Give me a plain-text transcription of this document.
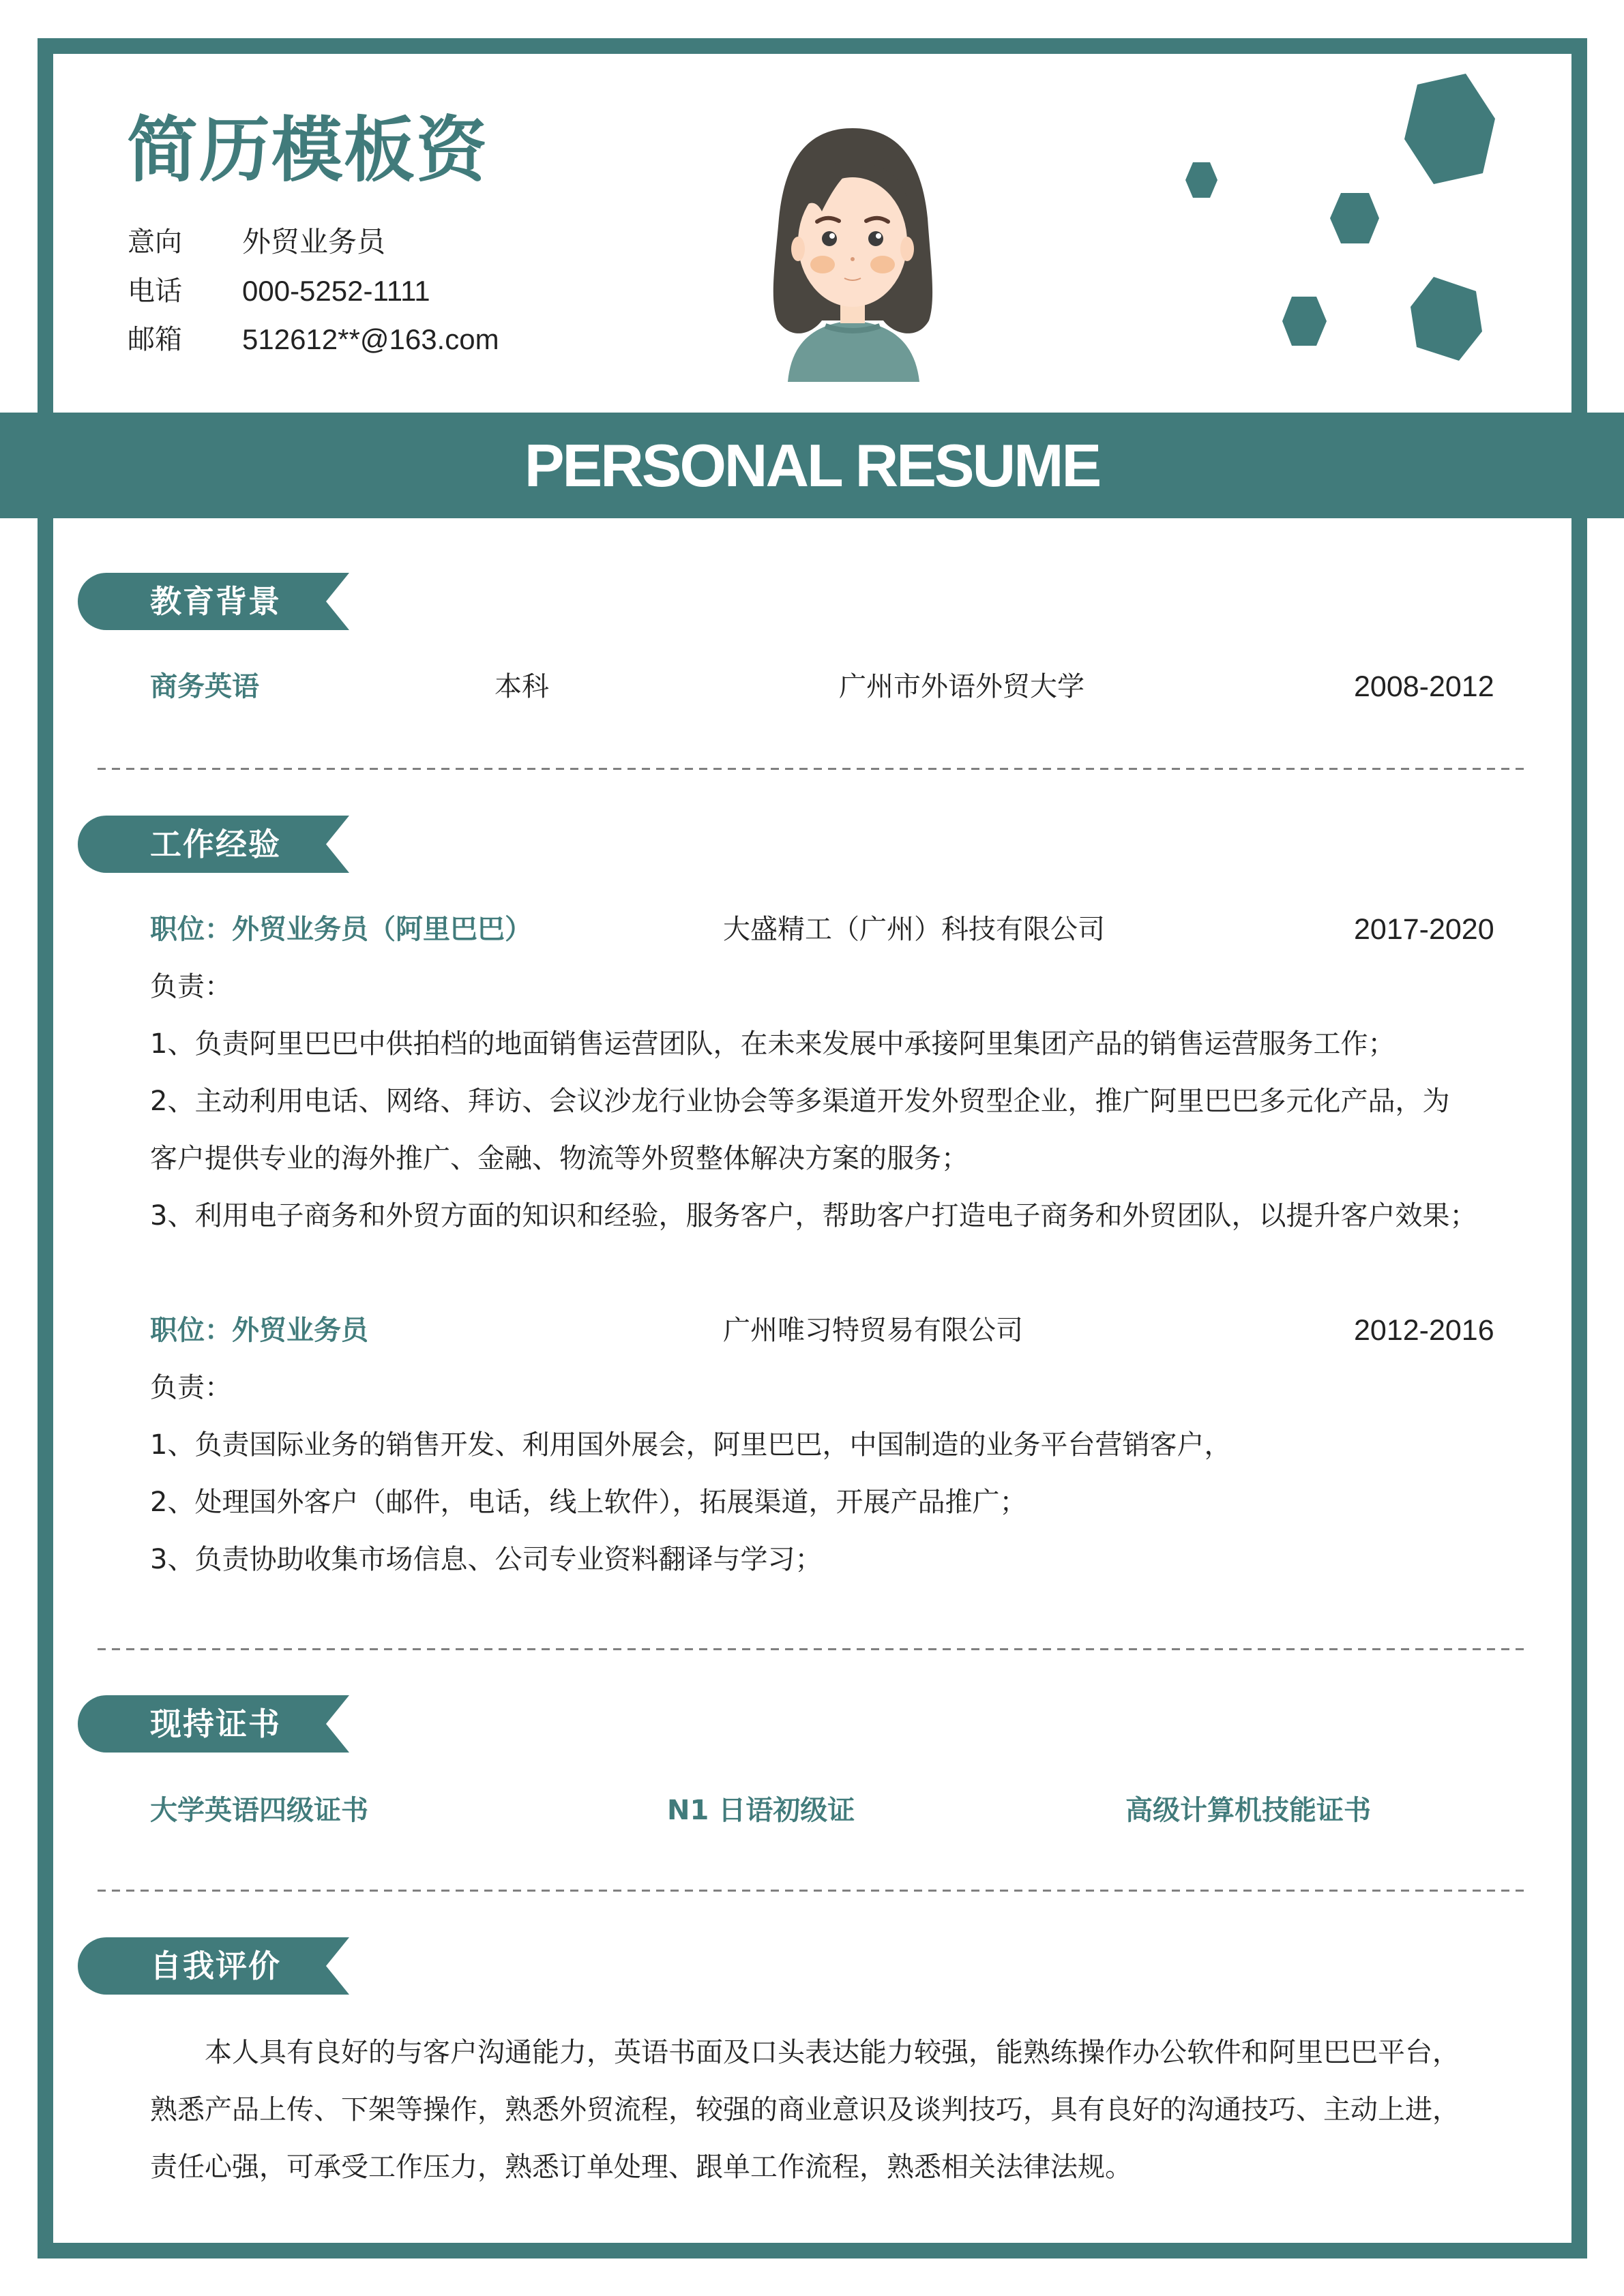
简历模板资
意向 外贸业务员
电话 000-5252-1111
邮箱 512612**@163.com
PERSONAL RESUME
教育背景
商务英语	本科	广州市外语外贸大学	2008-2012
工作经验
职位：外贸业务员（阿里巴巴）	大盛精工（广州）科技有限公司	2017-2020
负责：
1、负责阿里巴巴中供拍档的地面销售运营团队，在未来发展中承接阿里集团产品的销售运营服务工作；
2、主动利用电话、网络、拜访、会议沙龙行业协会等多渠道开发外贸型企业，推广阿里巴巴多元化产品，为
客户提供专业的海外推广、金融、物流等外贸整体解决方案的服务；
3、利用电子商务和外贸方面的知识和经验，服务客户，帮助客户打造电子商务和外贸团队，以提升客户效果；
职位：外贸业务员	广州唯习特贸易有限公司	2012-2016
负责：
1、负责国际业务的销售开发、利用国外展会，阿里巴巴，中国制造的业务平台营销客户，
2、处理国外客户（邮件，电话，线上软件），拓展渠道，开展产品推广；
3、负责协助收集市场信息、公司专业资料翻译与学习；
现持证书
大学英语四级证书	N1 日语初级证	高级计算机技能证书
自我评价
　　本人具有良好的与客户沟通能力，英语书面及口头表达能力较强，能熟练操作办公软件和阿里巴巴平台，
熟悉产品上传、下架等操作，熟悉外贸流程，较强的商业意识及谈判技巧，具有良好的沟通技巧、主动上进，
责任心强，可承受工作压力，熟悉订单处理、跟单工作流程，熟悉相关法律法规。
